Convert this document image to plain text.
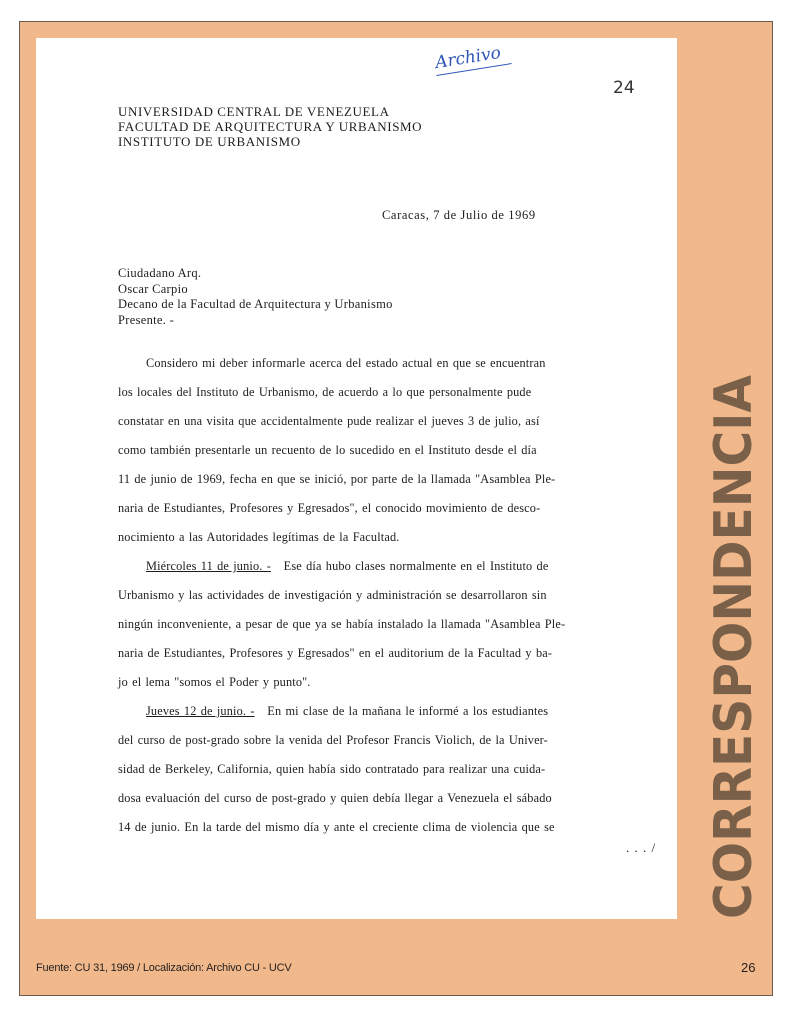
Archivo
24
UNIVERSIDAD CENTRAL DE VENEZUELA
FACULTAD DE ARQUITECTURA Y URBANISMO
INSTITUTO DE URBANISMO
Caracas, 7 de Julio de 1969
Ciudadano Arq.
Oscar Carpio
Decano de la Facultad de Arquitectura y Urbanismo
Presente. -
Considero mi deber informarle acerca del estado actual en que se encuentran
los locales del Instituto de Urbanismo, de acuerdo a lo que personalmente pude
constatar en una visita que accidentalmente pude realizar el jueves 3 de julio, así
como también presentarle un recuento de lo sucedido en el Instituto desde el día
11 de junio de 1969, fecha en que se inició, por parte de la llamada "Asamblea Ple-
naria de Estudiantes, Profesores y Egresados", el conocido movimiento de desco-
nocimiento a las Autoridades legítimas de la Facultad.
Miércoles 11 de junio. - Ese día hubo clases normalmente en el Instituto de
Urbanismo y las actividades de investigación y administración se desarrollaron sin
ningún inconveniente, a pesar de que ya se había instalado la llamada "Asamblea Ple-
naria de Estudiantes, Profesores y Egresados" en el auditorium de la Facultad y ba-
jo el lema "somos el Poder y punto".
Jueves 12 de junio. - En mi clase de la mañana le informé a los estudiantes
del curso de post-grado sobre la venida del Profesor Francis Violich, de la Univer-
sidad de Berkeley, California, quien había sido contratado para realizar una cuida-
dosa evaluación del curso de post-grado y quien debía llegar a Venezuela el sábado
14 de junio. En la tarde del mismo día y ante el creciente clima de violencia que se
. . . / CORRESPONDENCIA
Fuente: CU 31, 1969 / Localización: Archivo CU - UCV	26
